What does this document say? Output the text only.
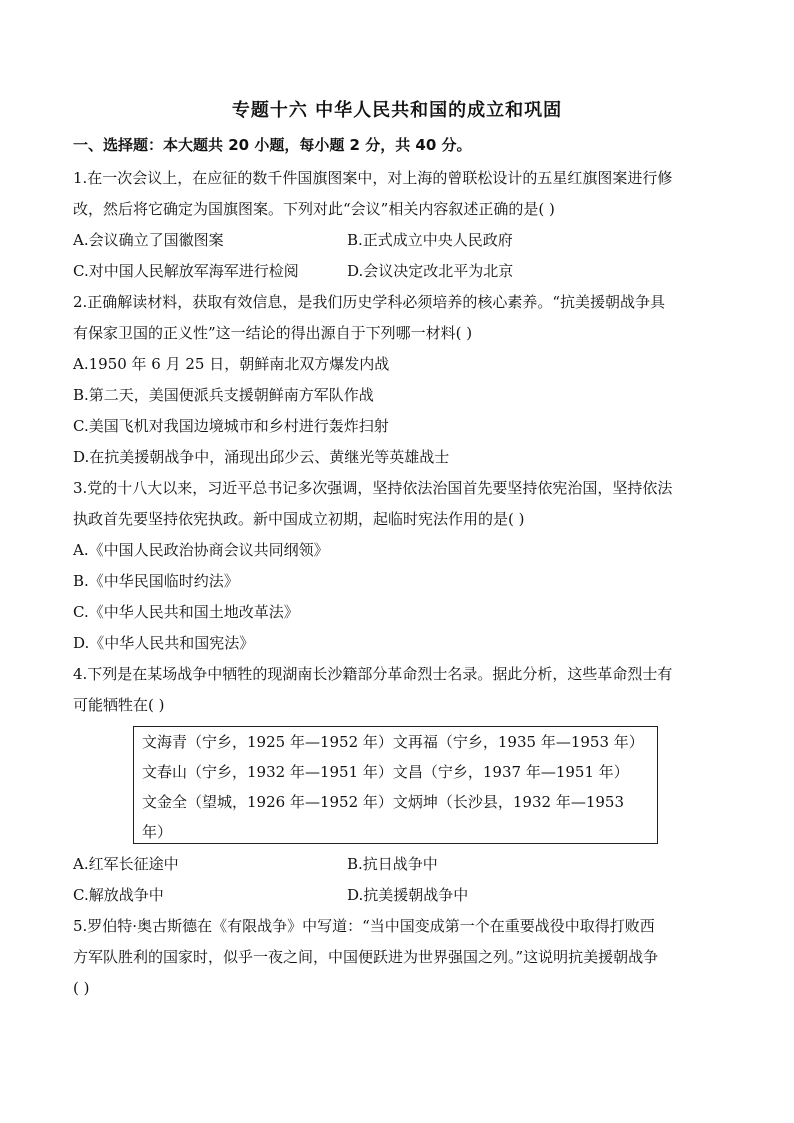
专题十六 中华人民共和国的成立和巩固
一、选择题：本大题共 20 小题，每小题 2 分，共 40 分。
1.在一次会议上，在应征的数千件国旗图案中，对上海的曾联松设计的五星红旗图案进行修
改，然后将它确定为国旗图案。下列对此“会议”相关内容叙述正确的是( )
A.会议确立了国徽图案	B.正式成立中央人民政府
C.对中国人民解放军海军进行检阅	D.会议决定改北平为北京
2.正确解读材料，获取有效信息，是我们历史学科必须培养的核心素养。“抗美援朝战争具
有保家卫国的正义性”这一结论的得出源自于下列哪一材料( )
A.1950 年 6 月 25 日，朝鲜南北双方爆发内战
B.第二天，美国便派兵支援朝鲜南方军队作战
C.美国飞机对我国边境城市和乡村进行轰炸扫射
D.在抗美援朝战争中，涌现出邱少云、黄继光等英雄战士
3.党的十八大以来，习近平总书记多次强调，坚持依法治国首先要坚持依宪治国，坚持依法
执政首先要坚持依宪执政。新中国成立初期，起临时宪法作用的是( )
A.《中国人民政治协商会议共同纲领》
B.《中华民国临时约法》
C.《中华人民共和国土地改革法》
D.《中华人民共和国宪法》
4.下列是在某场战争中牺牲的现湖南长沙籍部分革命烈士名录。据此分析，这些革命烈士有
可能牺牲在( )
文海青（宁乡，1925 年—1952 年）文再福（宁乡，1935 年—1953 年）
文春山（宁乡，1932 年—1951 年）文昌（宁乡，1937 年—1951 年）
文金全（望城，1926 年—1952 年）文炳坤（长沙县，1932 年—1953
年）
A.红军长征途中	B.抗日战争中
C.解放战争中	D.抗美援朝战争中
5.罗伯特·奥古斯德在《有限战争》中写道：“当中国变成第一个在重要战役中取得打败西
方军队胜利的国家时，似乎一夜之间，中国便跃进为世界强国之列。”这说明抗美援朝战争
( )
